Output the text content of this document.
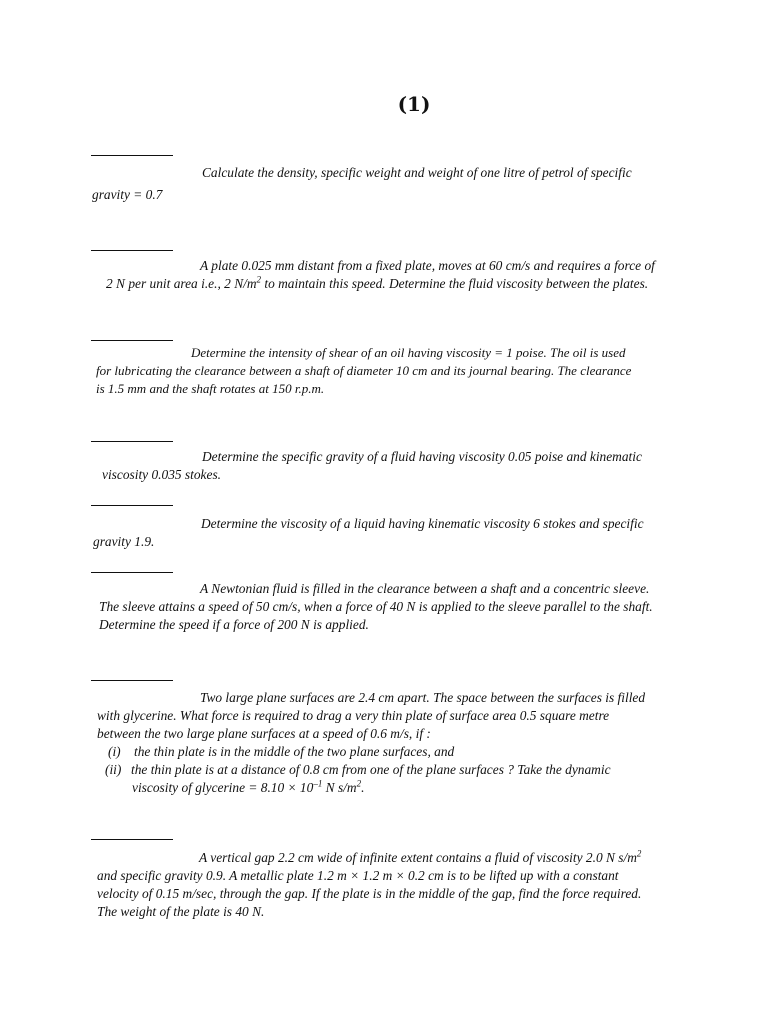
(1)
Calculate the density, specific weight and weight of one litre of petrol of specific
gravity = 0.7
A plate 0.025 mm distant from a fixed plate, moves at 60 cm/s and requires a force of
2 N per unit area i.e., 2 $N/m^2$ to maintain this speed. Determine the fluid viscosity between the plates.
Determine the intensity of shear of an oil having viscosity = 1 poise. The oil is used
for lubricating the clearance between a shaft of diameter 10 cm and its journal bearing. The clearance
is 1.5 mm and the shaft rotates at 150 r.p.m.
Determine the specific gravity of a fluid having viscosity 0.05 poise and kinematic
viscosity 0.035 stokes.
Determine the viscosity of a liquid having kinematic viscosity 6 stokes and specific
gravity 1.9.
A Newtonian fluid is filled in the clearance between a shaft and a concentric sleeve.
The sleeve attains a speed of 50 cm/s, when a force of 40 N is applied to the sleeve parallel to the shaft.
Determine the speed if a force of 200 N is applied.
Two large plane surfaces are 2.4 cm apart. The space between the surfaces is filled
with glycerine. What force is required to drag a very thin plate of surface area 0.5 square metre
between the two large plane surfaces at a speed of 0.6 m/s, if :
(i) the thin plate is in the middle of the two plane surfaces, and
(ii) the thin plate is at a distance of 0.8 cm from one of the plane surfaces ? Take the dynamic
viscosity of glycerine = $8.10 \times 10^{-1}$ N $s/m^2$.
A vertical gap 2.2 cm wide of infinite extent contains a fluid of viscosity 2.0 N $s/m^2$
and specific gravity 0.9. A metallic plate 1.2 m × 1.2 m × 0.2 cm is to be lifted up with a constant
velocity of 0.15 m/sec, through the gap. If the plate is in the middle of the gap, find the force required.
The weight of the plate is 40 N.
